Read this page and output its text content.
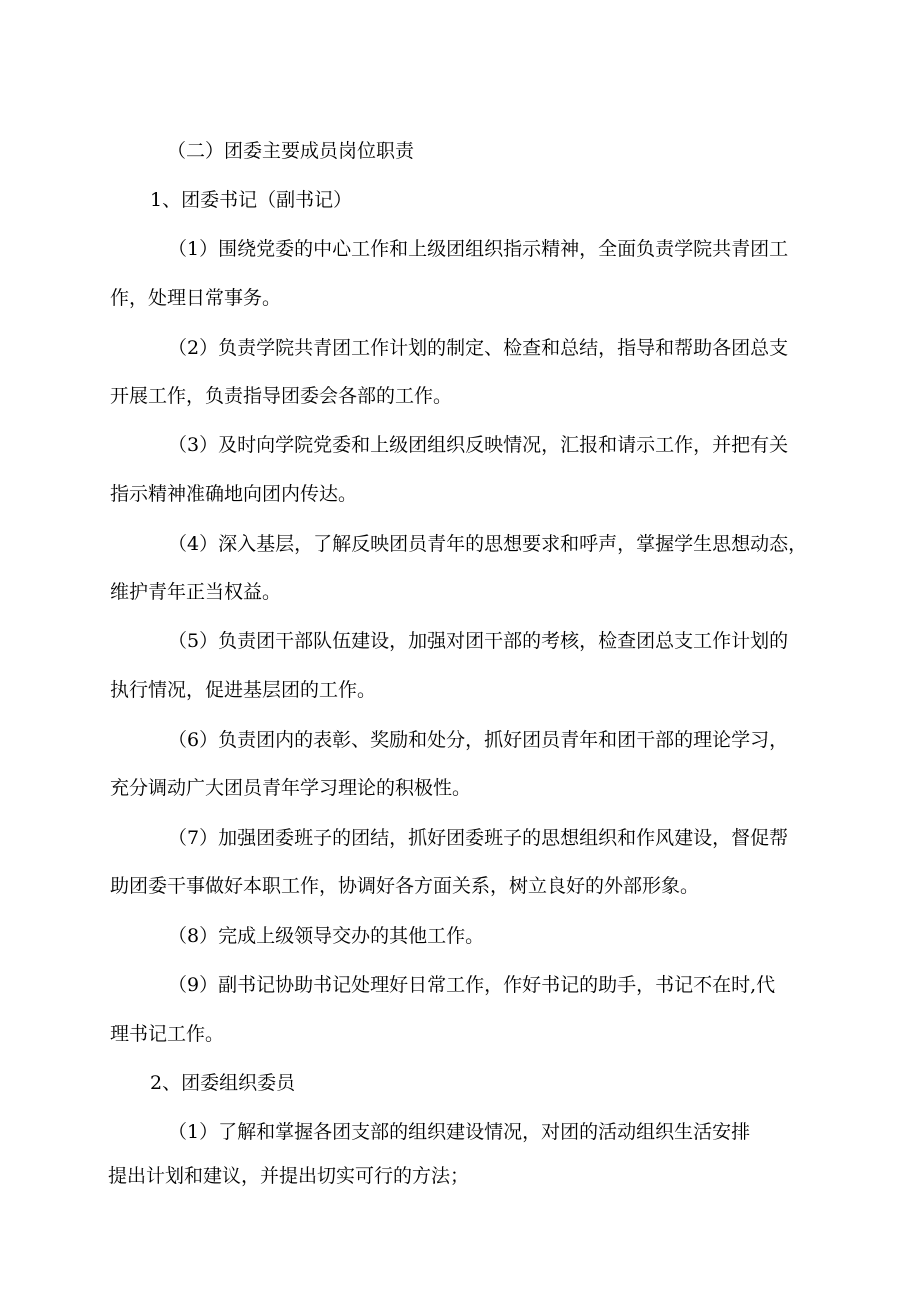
（二）团委主要成员岗位职责

1、团委书记（副书记）

（1）围绕党委的中心工作和上级团组织指示精神，全面负责学院共青团工

作，处理日常事务。

（2）负责学院共青团工作计划的制定、检查和总结，指导和帮助各团总支

开展工作，负责指导团委会各部的工作。

（3）及时向学院党委和上级团组织反映情况，汇报和请示工作，并把有关

指示精神准确地向团内传达。

（4）深入基层，了解反映团员青年的思想要求和呼声，掌握学生思想动态，

维护青年正当权益。

（5）负责团干部队伍建设，加强对团干部的考核，检查团总支工作计划的

执行情况，促进基层团的工作。

（6）负责团内的表彰、奖励和处分，抓好团员青年和团干部的理论学习，

充分调动广大团员青年学习理论的积极性。

（7）加强团委班子的团结，抓好团委班子的思想组织和作风建设，督促帮

助团委干事做好本职工作，协调好各方面关系，树立良好的外部形象。

（8）完成上级领导交办的其他工作。

（9）副书记协助书记处理好日常工作，作好书记的助手，书记不在时,代

理书记工作。

2、团委组织委员

（1）了解和掌握各团支部的组织建设情况，对团的活动组织生活安排

提出计划和建议，并提出切实可行的方法；
